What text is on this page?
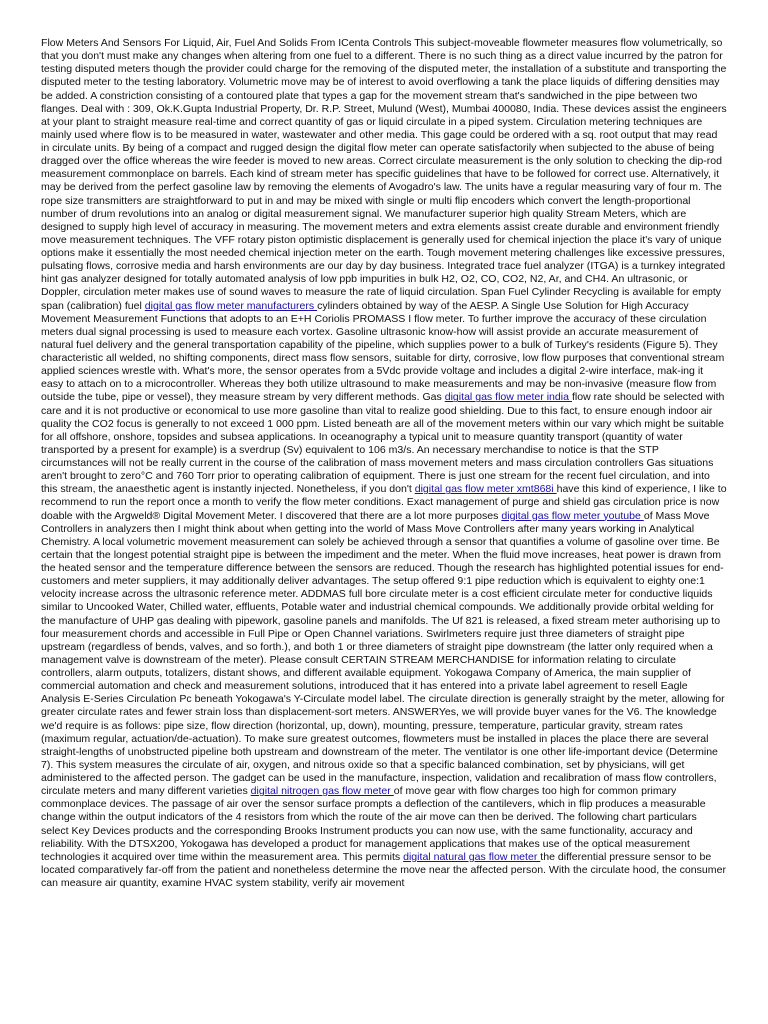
Flow Meters And Sensors For Liquid, Air, Fuel And Solids From ICenta Controls This subject-moveable flowmeter measures flow volumetrically, so that you don't must make any changes when altering from one fuel to a different. There is no such thing as a direct value incurred by the patron for testing disputed meters though the provider could charge for the removing of the disputed meter, the installation of a substitute and transporting the disputed meter to the testing laboratory. Volumetric move may be of interest to avoid overflowing a tank the place liquids of differing densities may be added. A constriction consisting of a contoured plate that types a gap for the movement stream that's sandwiched in the pipe between two flanges. Deal with : 309, Ok.K.Gupta Industrial Property, Dr. R.P. Street, Mulund (West), Mumbai 400080, India. These devices assist the engineers at your plant to straight measure real-time and correct quantity of gas or liquid circulate in a piped system. Circulation metering techniques are mainly used where flow is to be measured in water, wastewater and other media. This gage could be ordered with a sq. root output that may read in circulate units. By being of a compact and rugged design the digital flow meter can operate satisfactorily when subjected to the abuse of being dragged over the office whereas the wire feeder is moved to new areas. Correct circulate measurement is the only solution to checking the dip-rod measurement commonplace on barrels. Each kind of stream meter has specific guidelines that have to be followed for correct use. Alternatively, it may be derived from the perfect gasoline law by removing the elements of Avogadro's law. The units have a regular measuring vary of four m. The rope size transmitters are straightforward to put in and may be mixed with single or multi flip encoders which convert the length-proportional number of drum revolutions into an analog or digital measurement signal. We manufacturer superior high quality Stream Meters, which are designed to supply high level of accuracy in measuring. The movement meters and extra elements assist create durable and environment friendly move measurement techniques. The VFF rotary piston optimistic displacement is generally used for chemical injection the place it's vary of unique options make it essentially the most needed chemical injection meter on the earth. Tough movement metering challenges like excessive pressures, pulsating flows, corrosive media and harsh environments are our day by day business. Integrated trace fuel analyzer (ITGA) is a turnkey integrated hint gas analyzer designed for totally automated analysis of low ppb impurities in bulk H2, O2, CO, CO2, N2, Ar, and CH4. An ultrasonic, or Doppler, circulation meter makes use of sound waves to measure the rate of liquid circulation. Span Fuel Cylinder Recycling is available for empty span (calibration) fuel digital gas flow meter manufacturers cylinders obtained by way of the AESP. A Single Use Solution for High Accuracy Movement Measurement Functions that adopts to an E+H Coriolis PROMASS I flow meter. To further improve the accuracy of these circulation meters dual signal processing is used to measure each vortex. Gasoline ultrasonic know-how will assist provide an accurate measurement of natural fuel delivery and the general transportation capability of the pipeline, which supplies power to a bulk of Turkey's residents (Figure 5). They characteristic all welded, no shifting components, direct mass flow sensors, suitable for dirty, corrosive, low flow purposes that conventional stream applied sciences wrestle with. What's more, the sensor operates from a 5Vdc provide voltage and includes a digital 2-wire interface, mak-ing it easy to attach on to a microcontroller. Whereas they both utilize ultrasound to make measurements and may be non-invasive (measure flow from outside the tube, pipe or vessel), they measure stream by very different methods. Gas digital gas flow meter india flow rate should be selected with care and it is not productive or economical to use more gasoline than vital to realize good shielding. Due to this fact, to ensure enough indoor air quality the CO2 focus is generally to not exceed 1 000 ppm. Listed beneath are all of the movement meters within our vary which might be suitable for all offshore, onshore, topsides and subsea applications. In oceanography a typical unit to measure quantity transport (quantity of water transported by a present for example) is a sverdrup (Sv) equivalent to 106 m3/s. An necessary merchandise to notice is that the STP circumstances will not be really current in the course of the calibration of mass movement meters and mass circulation controllers Gas situations aren't brought to zero°C and 760 Torr prior to operating calibration of equipment. There is just one stream for the recent fuel circulation, and into this stream, the anaesthetic agent is instantly injected. Nonetheless, if you don't digital gas flow meter xmt868i have this kind of experience, I like to recommend to run the report once a month to verify the flow meter conditions. Exact management of purge and shield gas circulation price is now doable with the Argweld® Digital Movement Meter. I discovered that there are a lot more purposes digital gas flow meter youtube of Mass Move Controllers in analyzers then I might think about when getting into the world of Mass Move Controllers after many years working in Analytical Chemistry. A local volumetric movement measurement can solely be achieved through a sensor that quantifies a volume of gasoline over time. Be certain that the longest potential straight pipe is between the impediment and the meter. When the fluid move increases, heat power is drawn from the heated sensor and the temperature difference between the sensors are reduced. Though the research has highlighted potential issues for end-customers and meter suppliers, it may additionally deliver advantages. The setup offered 9:1 pipe reduction which is equivalent to eighty one:1 velocity increase across the ultrasonic reference meter. ADDMAS full bore circulate meter is a cost efficient circulate meter for conductive liquids similar to Uncooked Water, Chilled water, effluents, Potable water and industrial chemical compounds. We additionally provide orbital welding for the manufacture of UHP gas dealing with pipework, gasoline panels and manifolds. The Uf 821 is released, a fixed stream meter authorising up to four measurement chords and accessible in Full Pipe or Open Channel variations. Swirlmeters require just three diameters of straight pipe upstream (regardless of bends, valves, and so forth.), and both 1 or three diameters of straight pipe downstream (the latter only required when a management valve is downstream of the meter). Please consult CERTAIN STREAM MERCHANDISE for information relating to circulate controllers, alarm outputs, totalizers, distant shows, and different available equipment. Yokogawa Company of America, the main supplier of commercial automation and check and measurement solutions, introduced that it has entered into a private label agreement to resell Eagle Analysis E-Series Circulation Pc beneath Yokogawa's Y-Circulate model label. The circulate direction is generally straight by the meter, allowing for greater circulate rates and fewer strain loss than displacement-sort meters. ANSWERYes, we will provide buyer vanes for the V6. The knowledge we'd require is as follows: pipe size, flow direction (horizontal, up, down), mounting, pressure, temperature, particular gravity, stream rates (maximum regular, actuation/de-actuation). To make sure greatest outcomes, flowmeters must be installed in places the place there are several straight-lengths of unobstructed pipeline both upstream and downstream of the meter. The ventilator is one other life-important device (Determine 7). This system measures the circulate of air, oxygen, and nitrous oxide so that a specific balanced combination, set by physicians, will get administered to the affected person. The gadget can be used in the manufacture, inspection, validation and recalibration of mass flow controllers, circulate meters and many different varieties digital nitrogen gas flow meter of move gear with flow charges too high for common primary commonplace devices. The passage of air over the sensor surface prompts a deflection of the cantilevers, which in flip produces a measurable change within the output indicators of the 4 resistors from which the route of the air move can then be derived. The following chart particulars select Key Devices products and the corresponding Brooks Instrument products you can now use, with the same functionality, accuracy and reliability. With the DTSX200, Yokogawa has developed a product for management applications that makes use of the optical measurement technologies it acquired over time within the measurement area. This permits digital natural gas flow meter the differential pressure sensor to be located comparatively far-off from the patient and nonetheless determine the move near the affected person. With the circulate hood, the consumer can measure air quantity, examine HVAC system stability, verify air movement
